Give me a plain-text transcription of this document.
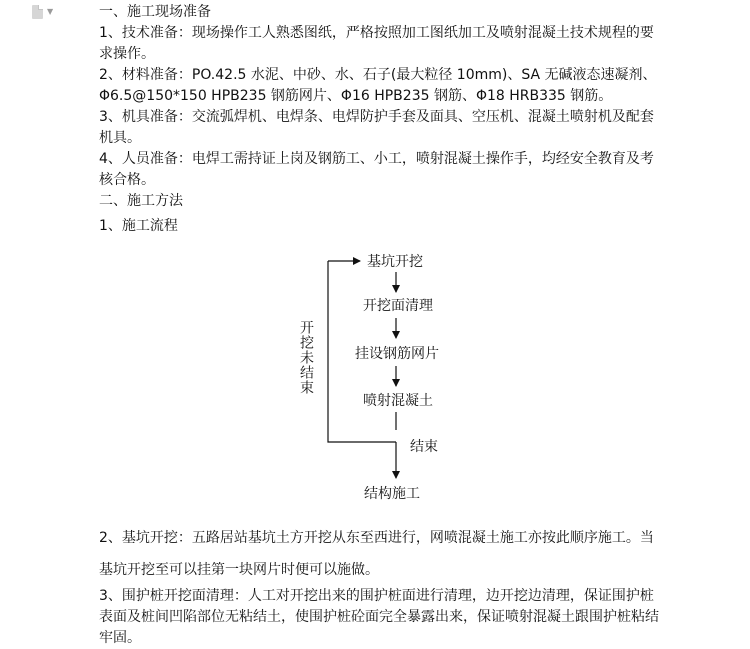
▼	一、施工现场准备
1、技术准备：现场操作工人熟悉图纸，严格按照加工图纸加工及喷射混凝土技术规程的要求操作。
2、材料准备：PO.42.5 水泥、中砂、水、石子(最大粒径 10mm)、SA 无碱液态速凝剂、Φ6.5@150*150 HPB235 钢筋网片、Φ16 HPB235 钢筋、Φ18 HRB335 钢筋。
3、机具准备：交流弧焊机、电焊条、电焊防护手套及面具、空压机、混凝土喷射机及配套机具。
4、人员准备：电焊工需持证上岗及钢筋工、小工，喷射混凝土操作手，均经安全教育及考核合格。
二、施工方法
1、施工流程
基坑开挖
开挖面清理
挂设钢筋网片
喷射混凝土
结束
结构施工
开挖未结束
2、基坑开挖：五路居站基坑土方开挖从东至西进行，网喷混凝土施工亦按此顺序施工。当
基坑开挖至可以挂第一块网片时便可以施做。
3、围护桩开挖面清理：人工对开挖出来的围护桩面进行清理，边开挖边清理，保证围护桩表面及桩间凹陷部位无粘结土，使围护桩砼面完全暴露出来，保证喷射混凝土跟围护桩粘结牢固。
